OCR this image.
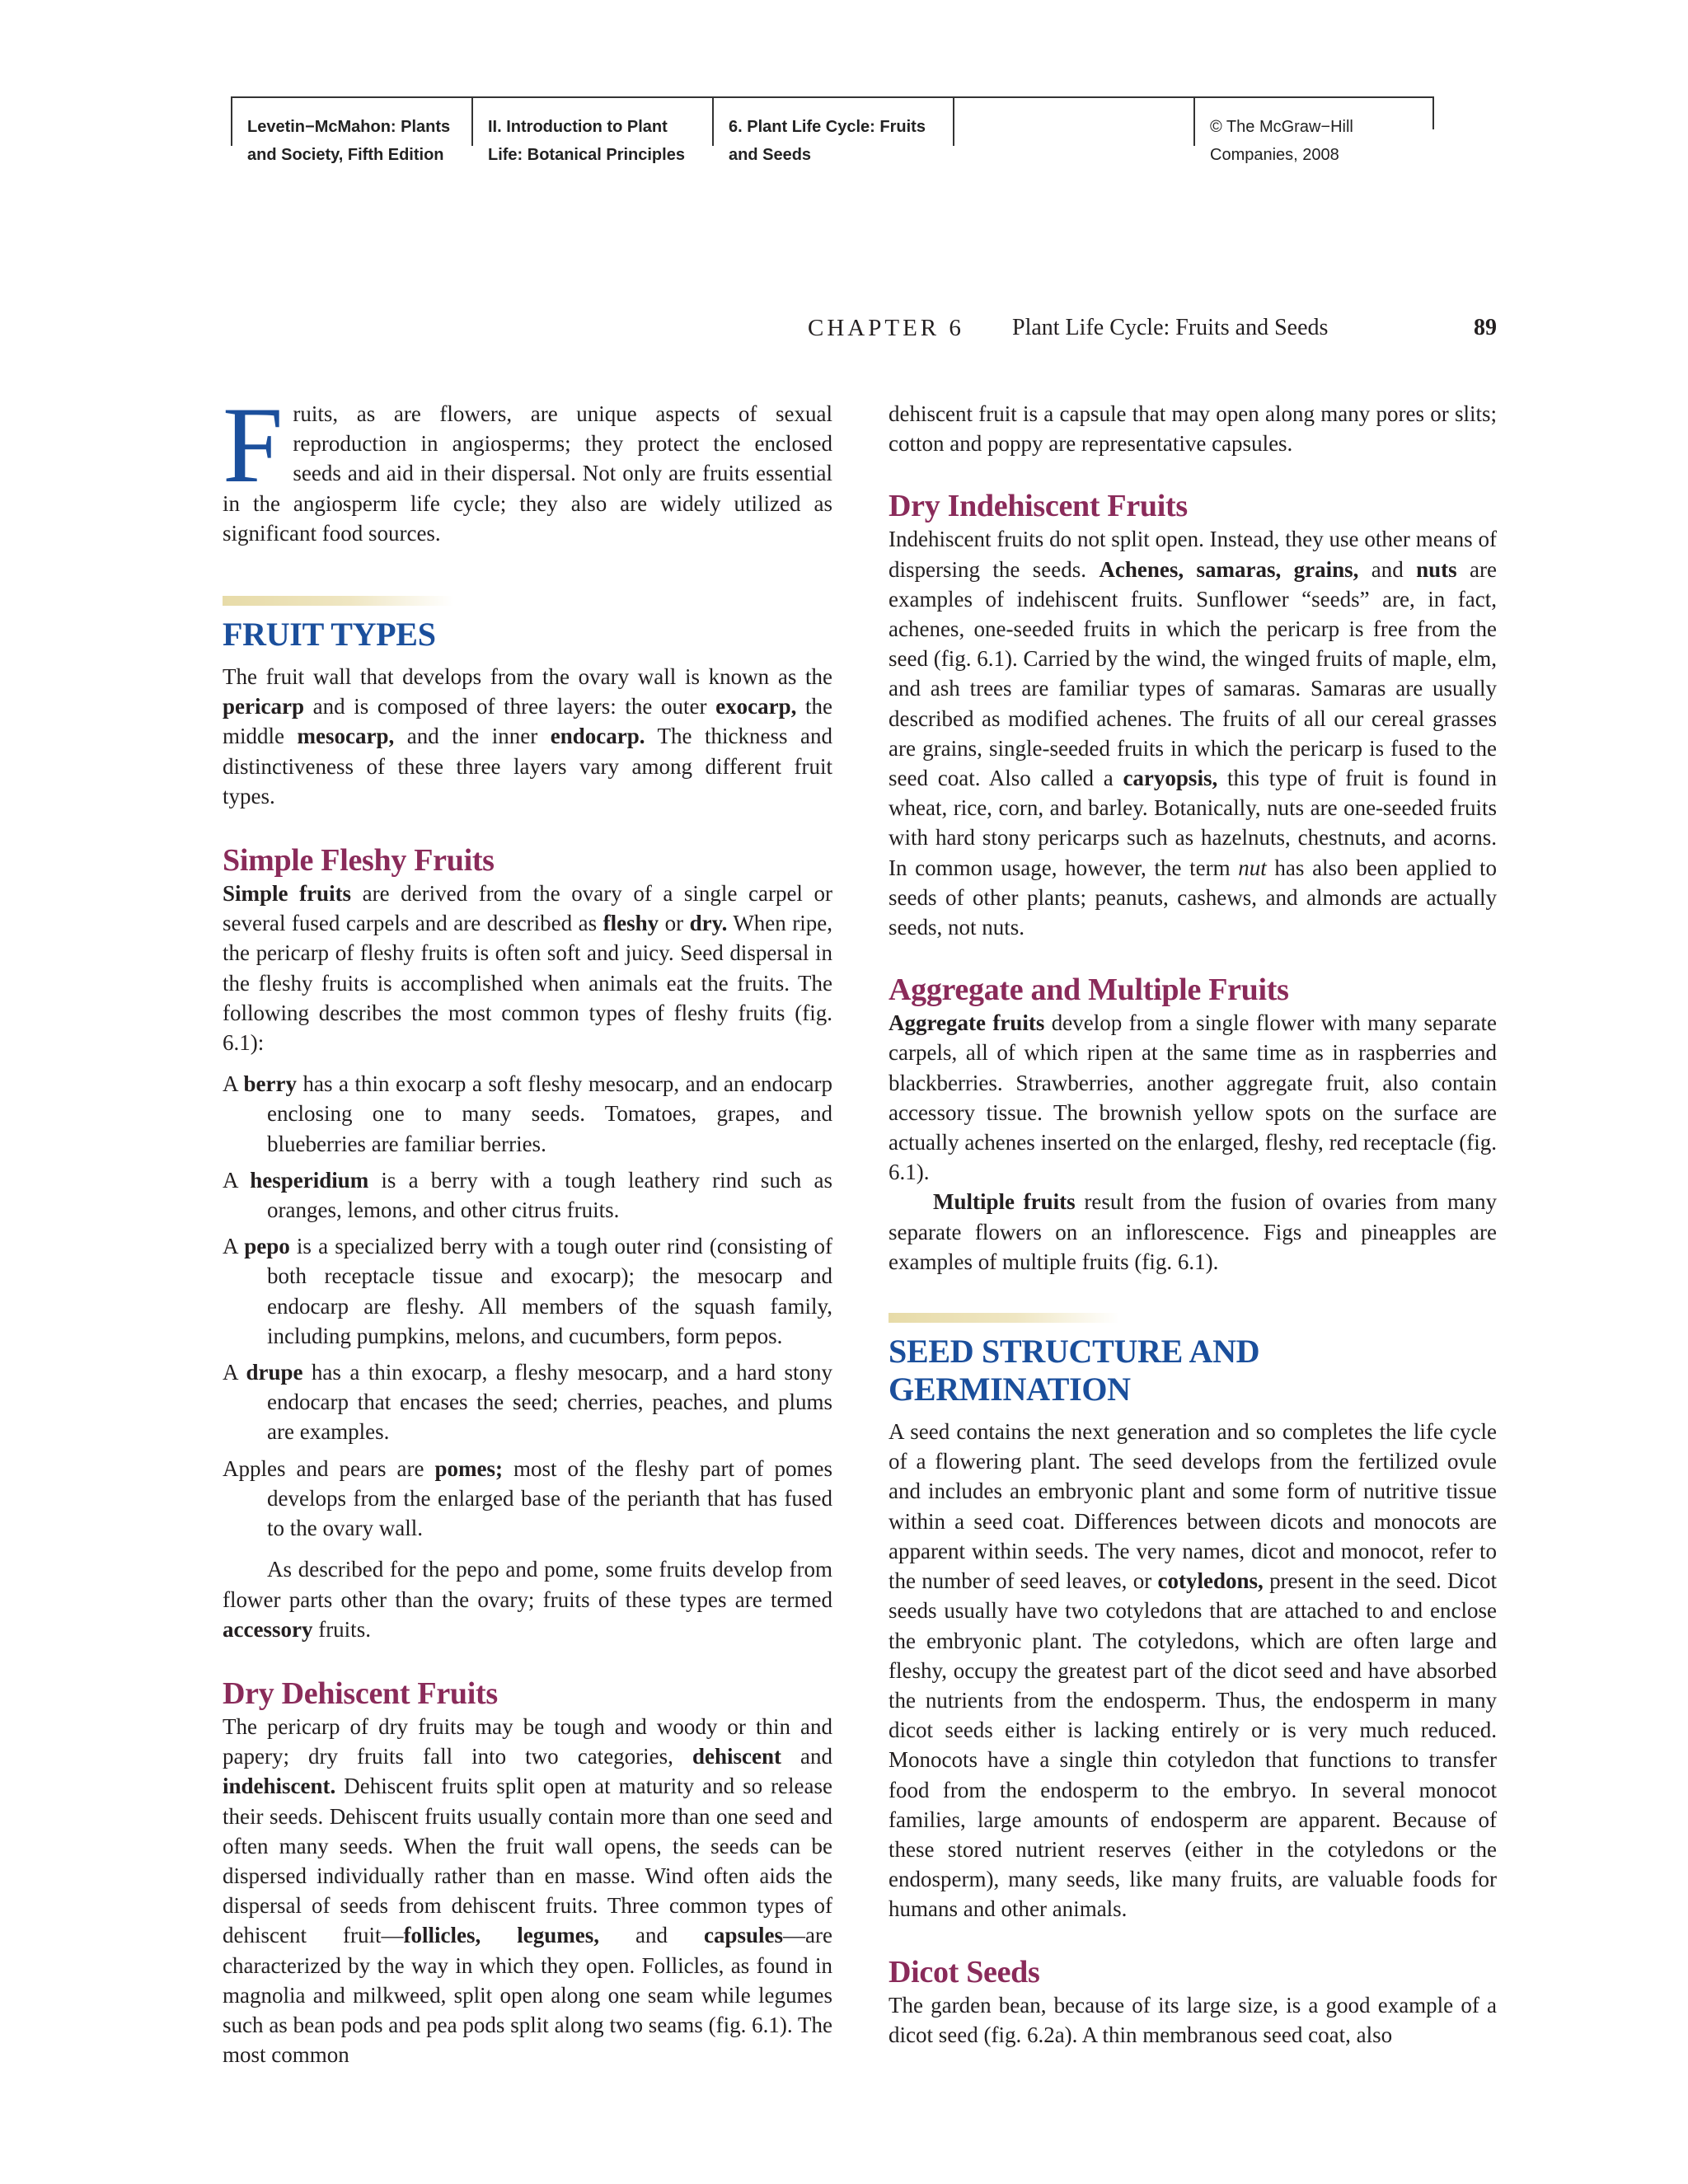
Levetin−McMahon: Plants
and Society, Fifth Edition
II. Introduction to Plant
Life: Botanical Principles
6. Plant Life Cycle: Fruits
and Seeds
© The McGraw−Hill
Companies, 2008
CHAPTER 6 Plant Life Cycle: Fruits and Seeds	89

Fruits, as are flowers, are unique aspects of sexual reproduction in angiosperms; they protect the enclosed seeds and aid in their dispersal. Not only are fruits essential in the angiosperm life cycle; they also are widely utilized as significant food sources.

FRUIT TYPES

The fruit wall that develops from the ovary wall is known as the pericarp and is composed of three layers: the outer exocarp, the middle mesocarp, and the inner endocarp. The thickness and distinctiveness of these three layers vary among different fruit types.

Simple Fleshy Fruits

Simple fruits are derived from the ovary of a single carpel or several fused carpels and are described as fleshy or dry. When ripe, the pericarp of fleshy fruits is often soft and juicy. Seed dispersal in the fleshy fruits is accomplished when animals eat the fruits. The following describes the most common types of fleshy fruits (fig. 6.1):

A berry has a thin exocarp a soft fleshy mesocarp, and an endocarp enclosing one to many seeds. Tomatoes, grapes, and blueberries are familiar berries.

A hesperidium is a berry with a tough leathery rind such as oranges, lemons, and other citrus fruits.

A pepo is a specialized berry with a tough outer rind (consisting of both receptacle tissue and exocarp); the mesocarp and endocarp are fleshy. All members of the squash family, including pumpkins, melons, and cucumbers, form pepos.

A drupe has a thin exocarp, a fleshy mesocarp, and a hard stony endocarp that encases the seed; cherries, peaches, and plums are examples.

Apples and pears are pomes; most of the fleshy part of pomes develops from the enlarged base of the perianth that has fused to the ovary wall.

As described for the pepo and pome, some fruits develop from flower parts other than the ovary; fruits of these types are termed accessory fruits.

Dry Dehiscent Fruits

The pericarp of dry fruits may be tough and woody or thin and papery; dry fruits fall into two categories, dehiscent and indehiscent. Dehiscent fruits split open at maturity and so release their seeds. Dehiscent fruits usually contain more than one seed and often many seeds. When the fruit wall opens, the seeds can be dispersed individually rather than en masse. Wind often aids the dispersal of seeds from dehiscent fruits. Three common types of dehiscent fruit—follicles, legumes, and capsules—are characterized by the way in which they open. Follicles, as found in magnolia and milkweed, split open along one seam while legumes such as bean pods and pea pods split along two seams (fig. 6.1). The most common

dehiscent fruit is a capsule that may open along many pores or slits; cotton and poppy are representative capsules.

Dry Indehiscent Fruits

Indehiscent fruits do not split open. Instead, they use other means of dispersing the seeds. Achenes, samaras, grains, and nuts are examples of indehiscent fruits. Sunflower “seeds” are, in fact, achenes, one-seeded fruits in which the pericarp is free from the seed (fig. 6.1). Carried by the wind, the winged fruits of maple, elm, and ash trees are familiar types of samaras. Samaras are usually described as modified achenes. The fruits of all our cereal grasses are grains, single-seeded fruits in which the pericarp is fused to the seed coat. Also called a caryopsis, this type of fruit is found in wheat, rice, corn, and barley. Botanically, nuts are one-seeded fruits with hard stony pericarps such as hazelnuts, chestnuts, and acorns. In common usage, however, the term nut has also been applied to seeds of other plants; peanuts, cashews, and almonds are actually seeds, not nuts.

Aggregate and Multiple Fruits

Aggregate fruits develop from a single flower with many separate carpels, all of which ripen at the same time as in raspberries and blackberries. Strawberries, another aggregate fruit, also contain accessory tissue. The brownish yellow spots on the surface are actually achenes inserted on the enlarged, fleshy, red receptacle (fig. 6.1).

Multiple fruits result from the fusion of ovaries from many separate flowers on an inflorescence. Figs and pineapples are examples of multiple fruits (fig. 6.1).

SEED STRUCTURE AND
GERMINATION

A seed contains the next generation and so completes the life cycle of a flowering plant. The seed develops from the fertilized ovule and includes an embryonic plant and some form of nutritive tissue within a seed coat. Differences between dicots and monocots are apparent within seeds. The very names, dicot and monocot, refer to the number of seed leaves, or cotyledons, present in the seed. Dicot seeds usually have two cotyledons that are attached to and enclose the embryonic plant. The cotyledons, which are often large and fleshy, occupy the greatest part of the dicot seed and have absorbed the nutrients from the endosperm. Thus, the endosperm in many dicot seeds either is lacking entirely or is very much reduced. Monocots have a single thin cotyledon that functions to transfer food from the endosperm to the embryo. In several monocot families, large amounts of endosperm are apparent. Because of these stored nutrient reserves (either in the cotyledons or the endosperm), many seeds, like many fruits, are valuable foods for humans and other animals.

Dicot Seeds

The garden bean, because of its large size, is a good example of a dicot seed (fig. 6.2a). A thin membranous seed coat, also
